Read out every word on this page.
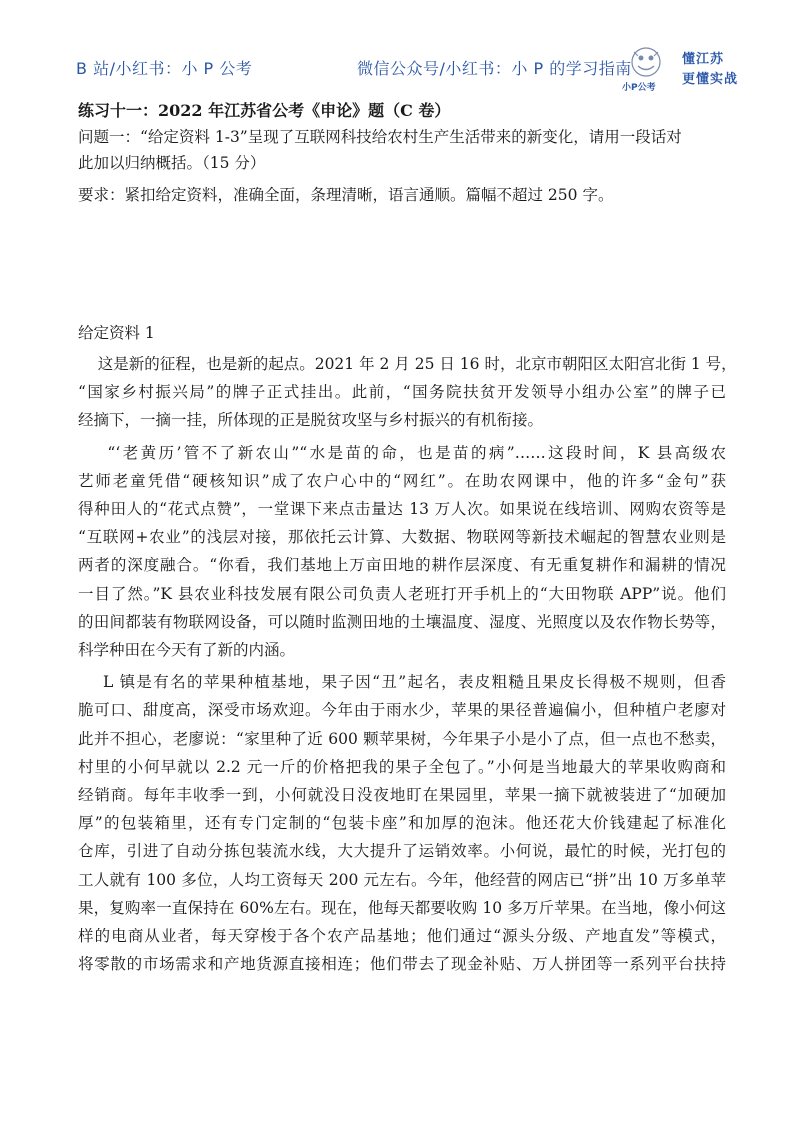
B 站/小红书：小 P 公考	微信公众号/小红书：小 P 的学习指南
小P公考
懂江苏
更懂实战

练习十一：2022 年江苏省公考《申论》题（C 卷）

问题一：“给定资料 1-3”呈现了互联网科技给农村生产生活带来的新变化，请用一段话对

此加以归纳概括。（15 分）

要求：紧扣给定资料，准确全面，条理清晰，语言通顺。篇幅不超过 250 字。

给定资料 1

这是新的征程，也是新的起点。2021 年 2 月 25 日 16 时，北京市朝阳区太阳宫北街 1 号，

“国家乡村振兴局”的牌子正式挂出。此前，“国务院扶贫开发领导小组办公室”的牌子已

经摘下，一摘一挂，所体现的正是脱贫攻坚与乡村振兴的有机衔接。

“‘老黄历’管不了新农山”“水是苗的命，也是苗的病”……这段时间，K 县高级农

艺师老童凭借“硬核知识”成了农户心中的“网红”。在助农网课中，他的许多“金句”获

得种田人的“花式点赞”，一堂课下来点击量达 13 万人次。如果说在线培训、网购农资等是

“互联网+农业”的浅层对接，那依托云计算、大数据、物联网等新技术崛起的智慧农业则是

两者的深度融合。“你看，我们基地上万亩田地的耕作层深度、有无重复耕作和漏耕的情况

一目了然。”K 县农业科技发展有限公司负责人老班打开手机上的“大田物联 APP”说。他们

的田间都装有物联网设备，可以随时监测田地的土壤温度、湿度、光照度以及农作物长势等，

科学种田在今天有了新的内涵。

L 镇是有名的苹果种植基地，果子因“丑”起名，表皮粗糙且果皮长得极不规则，但香

脆可口、甜度高，深受市场欢迎。今年由于雨水少，苹果的果径普遍偏小，但种植户老廖对

此并不担心，老廖说：“家里种了近 600 颗苹果树，今年果子小是小了点，但一点也不愁卖，

村里的小何早就以 2.2 元一斤的价格把我的果子全包了。”小何是当地最大的苹果收购商和

经销商。每年丰收季一到，小何就没日没夜地盯在果园里，苹果一摘下就被装进了“加硬加

厚”的包装箱里，还有专门定制的“包装卡座”和加厚的泡沫。他还花大价钱建起了标准化

仓库，引进了自动分拣包装流水线，大大提升了运销效率。小何说，最忙的时候，光打包的

工人就有 100 多位，人均工资每天 200 元左右。今年，他经营的网店已“拼”出 10 万多单苹

果，复购率一直保持在 60%左右。现在，他每天都要收购 10 多万斤苹果。在当地，像小何这

样的电商从业者，每天穿梭于各个农产品基地；他们通过“源头分级、产地直发”等模式，

将零散的市场需求和产地货源直接相连；他们带去了现金补贴、万人拼团等一系列平台扶持
